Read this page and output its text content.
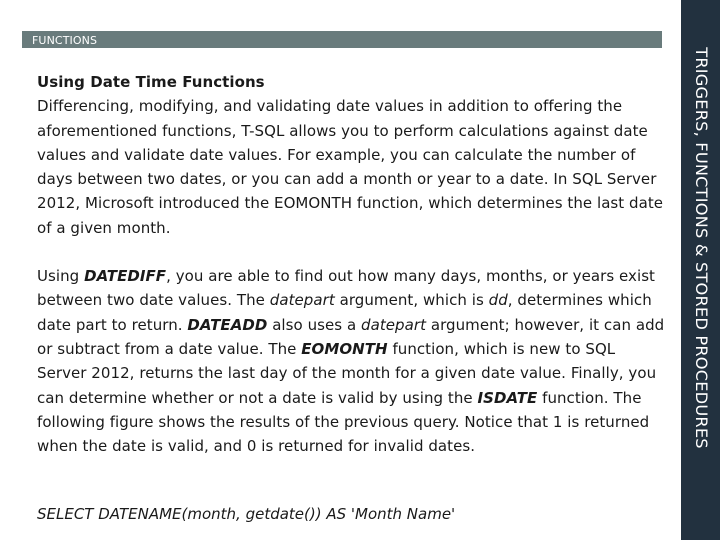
FUNCTIONS
TRIGGERS, FUNCTIONS & STORED PROCEDURES

Using Date Time Functions

Differencing, modifying, and validating date values in addition to offering the aforementioned functions, T-SQL allows you to perform calculations against date values and validate date values. For example, you can calculate the number of days between two dates, or you can add a month or year to a date. In SQL Server 2012, Microsoft introduced the EOMONTH function, which determines the last date of a given month.

Using DATEDIFF, you are able to find out how many days, months, or years exist between two date values. The datepart argument, which is dd, determines which date part to return. DATEADD also uses a datepart argument; however, it can add or subtract from a date value. The EOMONTH function, which is new to SQL Server 2012, returns the last day of the month for a given date value. Finally, you can determine whether or not a date is valid by using the ISDATE function. The following figure shows the results of the previous query. Notice that 1 is returned when the date is valid, and 0 is returned for invalid dates.

SELECT DATENAME(month, getdate()) AS 'Month Name'
